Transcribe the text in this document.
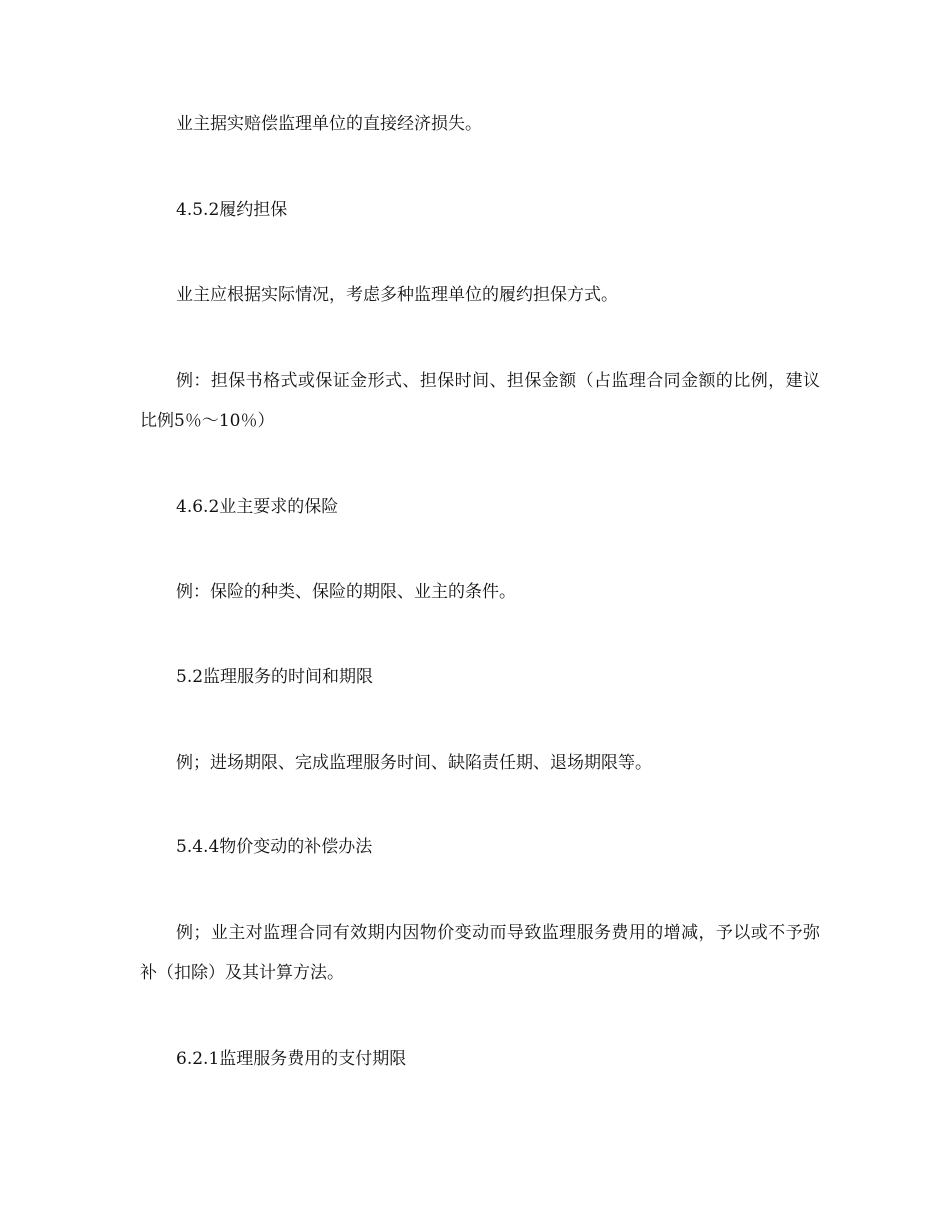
业主据实赔偿监理单位的直接经济损失。

4.5.2履约担保

业主应根据实际情况，考虑多种监理单位的履约担保方式。

例：担保书格式或保证金形式、担保时间、担保金额（占监理合同金额的比例，建议比例5％～10％）

4.6.2业主要求的保险

例：保险的种类、保险的期限、业主的条件。

5.2监理服务的时间和期限

例；进场期限、完成监理服务时间、缺陷责任期、退场期限等。

5.4.4物价变动的补偿办法

例；业主对监理合同有效期内因物价变动而导致监理服务费用的增减，予以或不予弥补（扣除）及其计算方法。

6.2.1监理服务费用的支付期限
